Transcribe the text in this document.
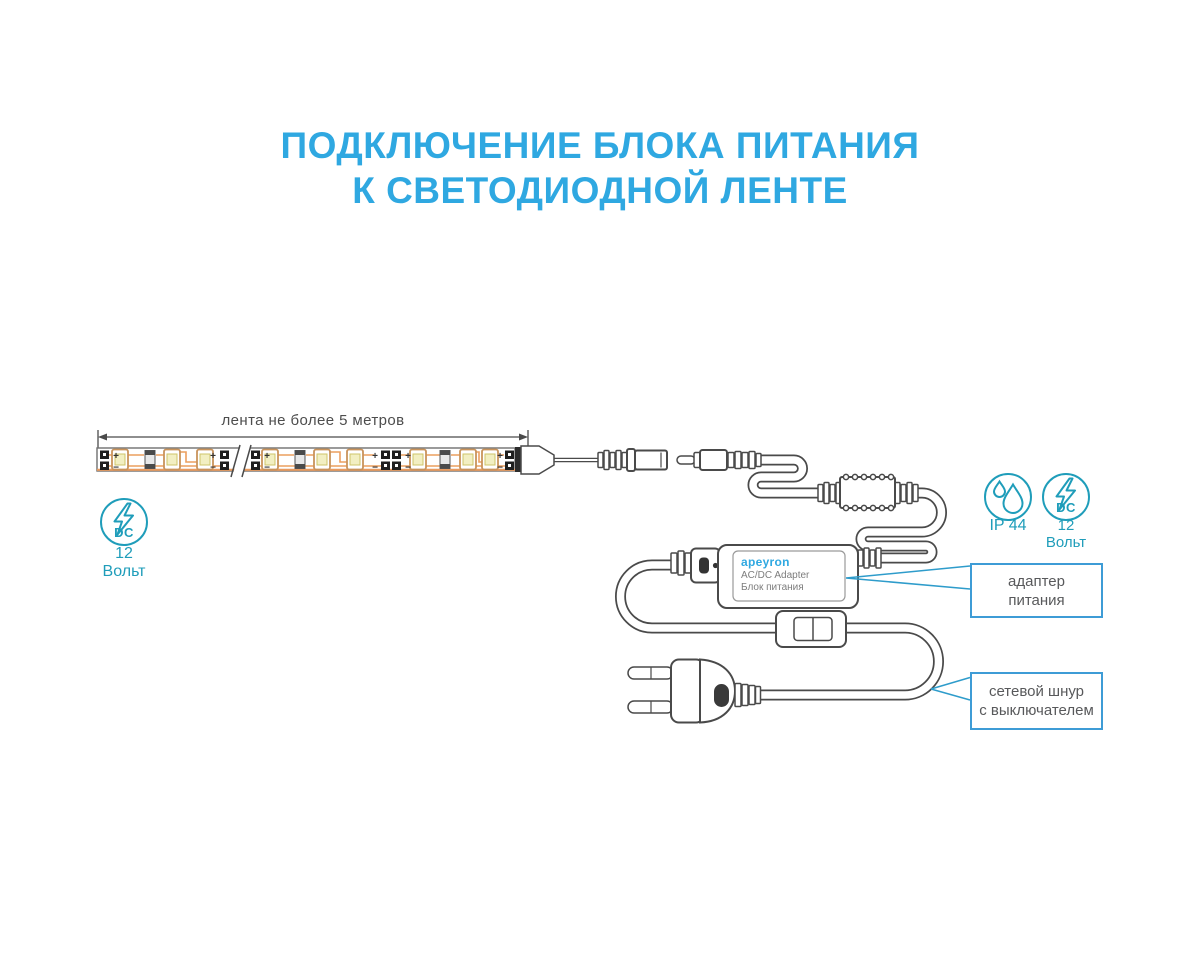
+
−
+
−
+
−
+
−
+
−
+
−
ПОДКЛЮЧЕНИЕ БЛОКА ПИТАНИЯ
К СВЕТОДИОДНОЙ ЛЕНТЕ
лента не более 5 метров
DC
12
Вольт
IP 44
DC
12
Вольт
apeyron
AC/DC Adapter
Блок питания	адаптер
питания
сетевой шнур
с выключателем
